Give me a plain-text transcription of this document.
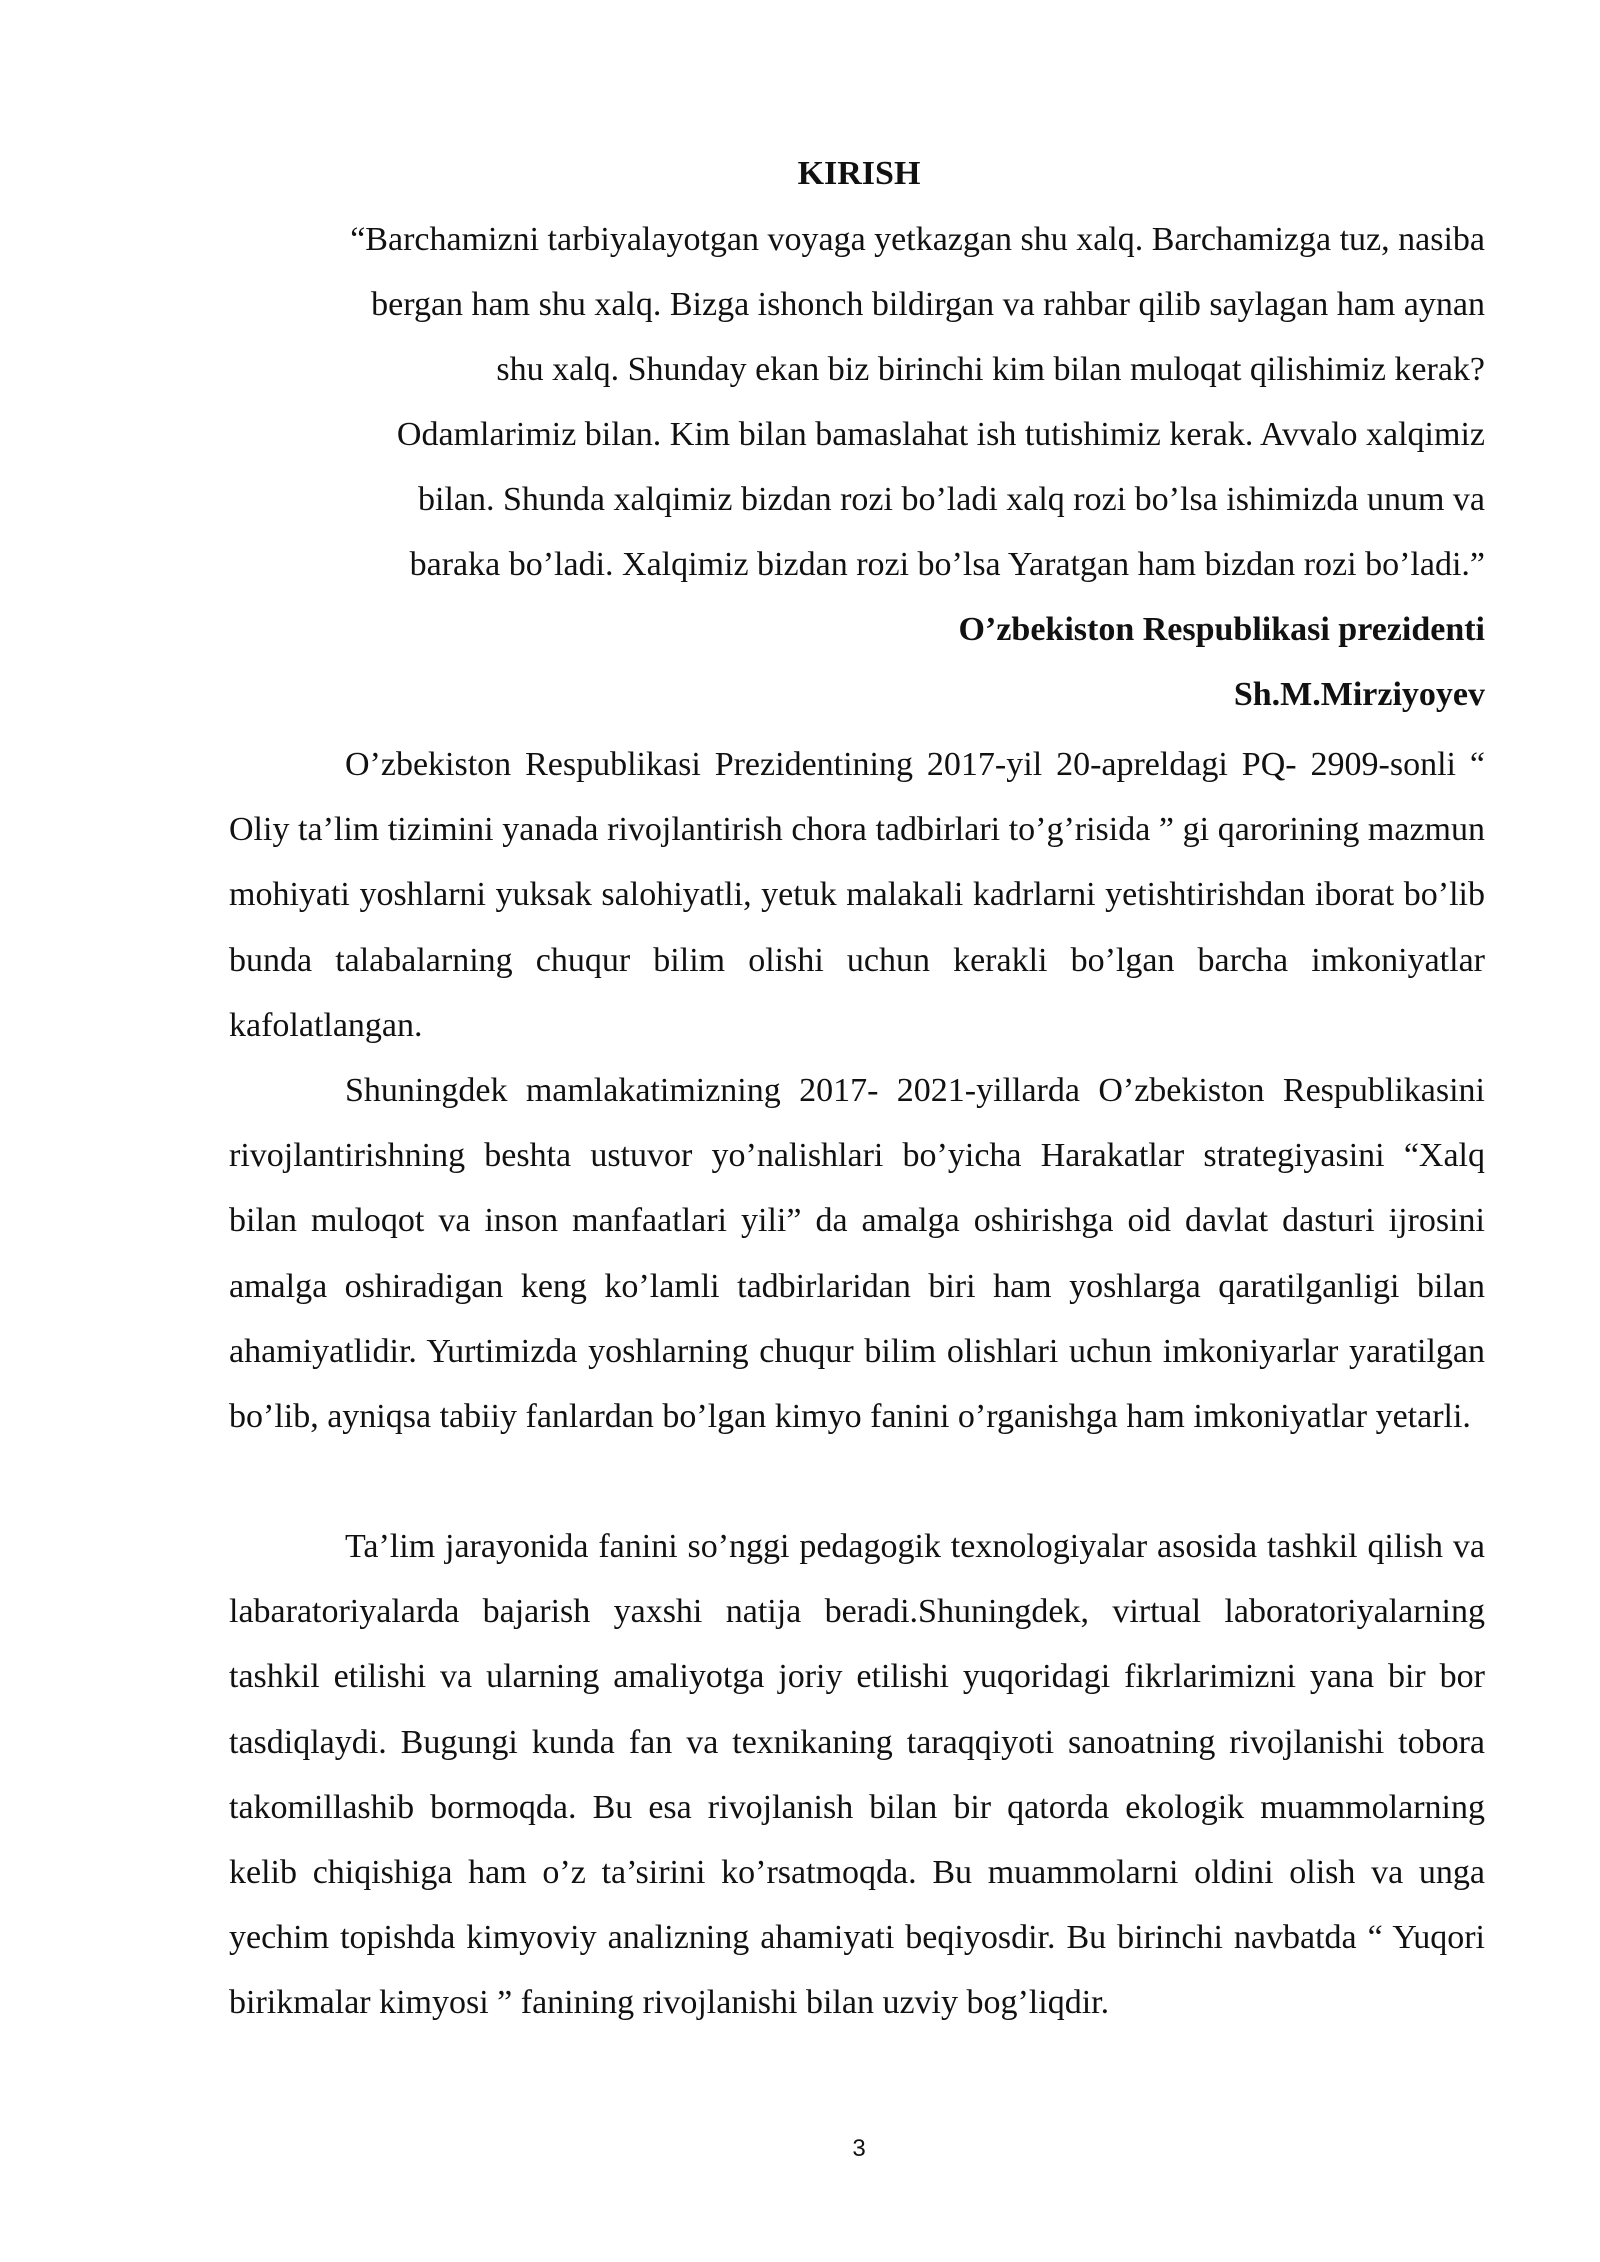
KIRISH
“Barchamizni tarbiyalayotgan voyaga yetkazgan shu xalq. Barchamizga tuz, nasiba
bergan ham shu xalq. Bizga ishonch bildirgan va rahbar qilib saylagan ham aynan
shu xalq. Shunday ekan biz birinchi kim bilan muloqat qilishimiz kerak?
Odamlarimiz bilan. Kim bilan bamaslahat ish tutishimiz kerak. Avvalo xalqimiz
bilan. Shunda xalqimiz bizdan rozi bo’ladi xalq rozi bo’lsa ishimizda unum va
baraka bo’ladi. Xalqimiz bizdan rozi bo’lsa Yaratgan ham bizdan rozi bo’ladi.”
O’zbekiston Respublikasi prezidenti
Sh.M.Mirziyoyev
O’zbekiston Respublikasi Prezidentining 2017-yil 20-apreldagi PQ- 2909-sonli “ Oliy ta’lim tizimini yanada rivojlantirish chora tadbirlari to’g’risida ” gi qarorining mazmun mohiyati yoshlarni yuksak salohiyatli, yetuk malakali kadrlarni yetishtirishdan iborat bo’lib bunda talabalarning chuqur bilim olishi uchun kerakli bo’lgan barcha imkoniyatlar kafolatlangan.
Shuningdek mamlakatimizning 2017- 2021-yillarda O’zbekiston Respublikasini rivojlantirishning beshta ustuvor yo’nalishlari bo’yicha Harakatlar strategiyasini “Xalq bilan muloqot va inson manfaatlari yili” da amalga oshirishga oid davlat dasturi ijrosini amalga oshiradigan keng ko’lamli tadbirlaridan biri ham yoshlarga qaratilganligi bilan ahamiyatlidir. Yurtimizda yoshlarning chuqur bilim olishlari uchun imkoniyarlar yaratilgan bo’lib, ayniqsa tabiiy fanlardan bo’lgan kimyo fanini o’rganishga ham imkoniyatlar yetarli.
Ta’lim jarayonida fanini so’nggi pedagogik texnologiyalar asosida tashkil qilish va labaratoriyalarda bajarish yaxshi natija beradi.Shuningdek, virtual laboratoriyalarning tashkil etilishi va ularning amaliyotga joriy etilishi yuqoridagi fikrlarimizni yana bir bor tasdiqlaydi. Bugungi kunda fan va texnikaning taraqqiyoti sanoatning rivojlanishi tobora takomillashib bormoqda. Bu esa rivojlanish bilan bir qatorda ekologik muammolarning kelib chiqishiga ham o’z ta’sirini ko’rsatmoqda. Bu muammolarni oldini olish va unga yechim topishda kimyoviy analizning ahamiyati beqiyosdir. Bu birinchi navbatda “ Yuqori birikmalar kimyosi ” fanining rivojlanishi bilan uzviy bog’liqdir.
3
